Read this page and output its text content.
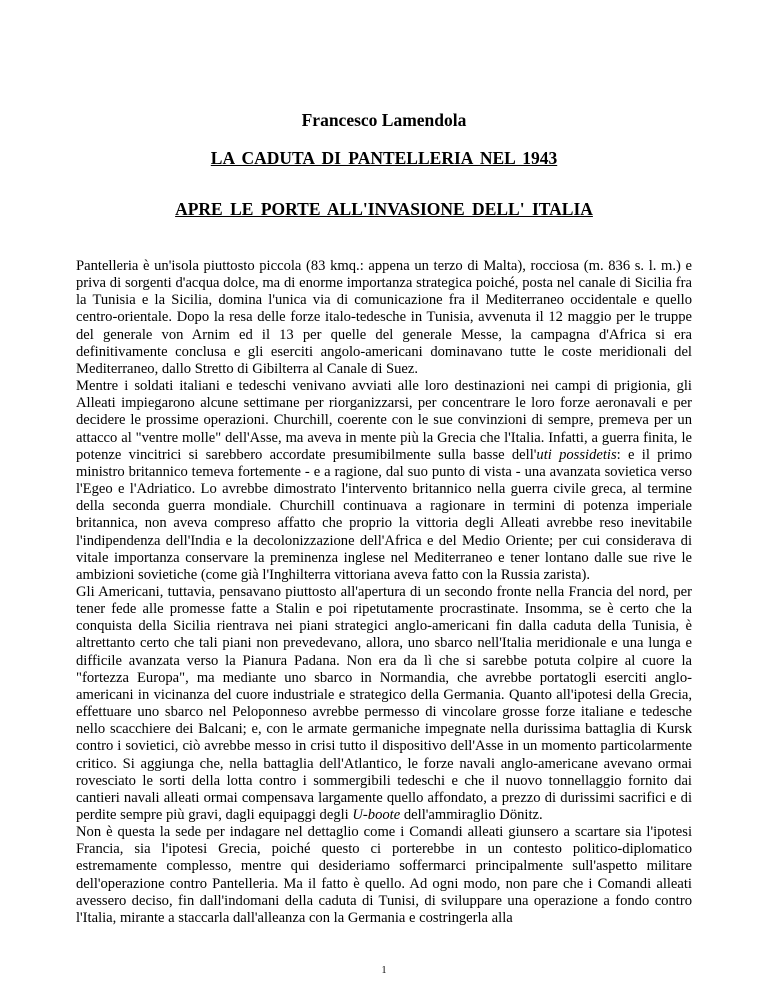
Francesco Lamendola
LA CADUTA DI PANTELLERIA NEL 1943
APRE LE PORTE ALL'INVASIONE DELL' ITALIA

Pantelleria è un'isola piuttosto piccola (83 kmq.: appena un terzo di Malta), rocciosa (m. 836 s. l. m.) e priva di sorgenti d'acqua dolce, ma di enorme importanza strategica poiché, posta nel canale di Sicilia fra la Tunisia e la Sicilia, domina l'unica via di comunicazione fra il Mediterraneo occidentale e quello centro-orientale. Dopo la resa delle forze italo-tedesche in Tunisia, avvenuta il 12 maggio per le truppe del generale von Arnim ed il 13 per quelle del generale Messe, la campagna d'Africa si era definitivamente conclusa e gli eserciti angolo-americani dominavano tutte le coste meridionali del Mediterraneo, dallo Stretto di Gibilterra al Canale di Suez.

Mentre i soldati italiani e tedeschi venivano avviati alle loro destinazioni nei campi di prigionia, gli Alleati impiegarono alcune settimane per riorganizzarsi, per concentrare le loro forze aeronavali e per decidere le prossime operazioni. Churchill, coerente con le sue convinzioni di sempre, premeva per un attacco al "ventre molle" dell'Asse, ma aveva in mente più la Grecia che l'Italia. Infatti, a guerra finita, le potenze vincitrici si sarebbero accordate presumibilmente sulla basse dell'uti possidetis: e il primo ministro britannico temeva fortemente - e a ragione, dal suo punto di vista - una avanzata sovietica verso l'Egeo e l'Adriatico. Lo avrebbe dimostrato l'intervento britannico nella guerra civile greca, al termine della seconda guerra mondiale. Churchill continuava a ragionare in termini di potenza imperiale britannica, non aveva compreso affatto che proprio la vittoria degli Alleati avrebbe reso inevitabile l'indipendenza dell'India e la decolonizzazione dell'Africa e del Medio Oriente; per cui considerava di vitale importanza conservare la preminenza inglese nel Mediterraneo e tener lontano dalle sue rive le ambizioni sovietiche (come già l'Inghilterra vittoriana aveva fatto con la Russia zarista).

Gli Americani, tuttavia, pensavano piuttosto all'apertura di un secondo fronte nella Francia del nord, per tener fede alle promesse fatte a Stalin e poi ripetutamente procrastinate. Insomma, se è certo che la conquista della Sicilia rientrava nei piani strategici anglo-americani fin dalla caduta della Tunisia, è altrettanto certo che tali piani non prevedevano, allora, uno sbarco nell'Italia meridionale e una lunga e difficile avanzata verso la Pianura Padana. Non era da lì che si sarebbe potuta colpire al cuore la "fortezza Europa", ma mediante uno sbarco in Normandia, che avrebbe portatogli eserciti anglo-americani in vicinanza del cuore industriale e strategico della Germania. Quanto all'ipotesi della Grecia, effettuare uno sbarco nel Peloponneso avrebbe permesso di vincolare grosse forze italiane e tedesche nello scacchiere dei Balcani; e, con le armate germaniche impegnate nella durissima battaglia di Kursk contro i sovietici, ciò avrebbe messo in crisi tutto il dispositivo dell'Asse in un momento particolarmente critico. Si aggiunga che, nella battaglia dell'Atlantico, le forze navali anglo-americane avevano ormai rovesciato le sorti della lotta contro i sommergibili tedeschi e che il nuovo tonnellaggio fornito dai cantieri navali alleati ormai compensava largamente quello affondato, a prezzo di durissimi sacrifici e di perdite sempre più gravi, dagli equipaggi degli U-boote dell'ammiraglio Dönitz.

Non è questa la sede per indagare nel dettaglio come i Comandi alleati giunsero a scartare sia l'ipotesi Francia, sia l'ipotesi Grecia, poiché questo ci porterebbe in un contesto politico-diplomatico estremamente complesso, mentre qui desideriamo soffermarci principalmente sull'aspetto militare dell'operazione contro Pantelleria. Ma il fatto è quello. Ad ogni modo, non pare che i Comandi alleati avessero deciso, fin dall'indomani della caduta di Tunisi, di sviluppare una operazione a fondo contro l'Italia, mirante a staccarla dall'alleanza con la Germania e costringerla alla

1
